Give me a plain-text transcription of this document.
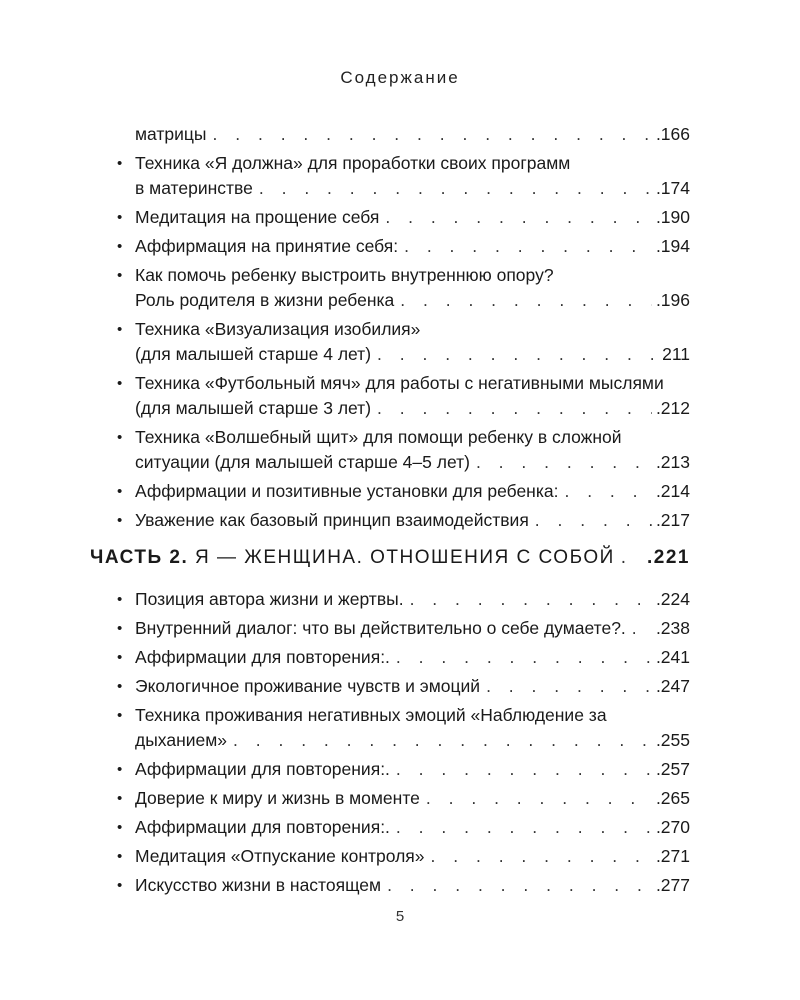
Содержание
матрицы . . .	.166
• Техника «Я должна» для проработки своих программ
в материнстве . . .	.174
• Медитация на прощение себя . . .	.190
• Аффирмация на принятие себя: . . .	.194
• Как помочь ребенку выстроить внутреннюю опору?
Роль родителя в жизни ребенка . . .	.196
• Техника «Визуализация изобилия»
(для малышей старше 4 лет) . . .	211
• Техника «Футбольный мяч» для работы с негативными мыслями
(для малышей старше 3 лет) . . .	.212
• Техника «Волшебный щит» для помощи ребенку в сложной
ситуации (для малышей старше 4–5 лет) . . .	.213
• Аффирмации и позитивные установки для ребенка: . . .	.214
• Уважение как базовый принцип взаимодействия . . .	.217
ЧАСТЬ 2. Я — ЖЕНЩИНА. ОТНОШЕНИЯ С СОБОЙ . . . .221
• Позиция автора жизни и жертвы. . . .	.224
• Внутренний диалог: что вы действительно о себе думаете?. . . . .238
• Аффирмации для повторения:. . . .	.241
• Экологичное проживание чувств и эмоций . . .	.247
• Техника проживания негативных эмоций «Наблюдение за
дыханием» . . .	.255
• Аффирмации для повторения:. . . .	.257
• Доверие к миру и жизнь в моменте . . .	.265
• Аффирмации для повторения:. . . .	.270
• Медитация «Отпускание контроля» . . .	.271
• Искусство жизни в настоящем . . .	.277
5
